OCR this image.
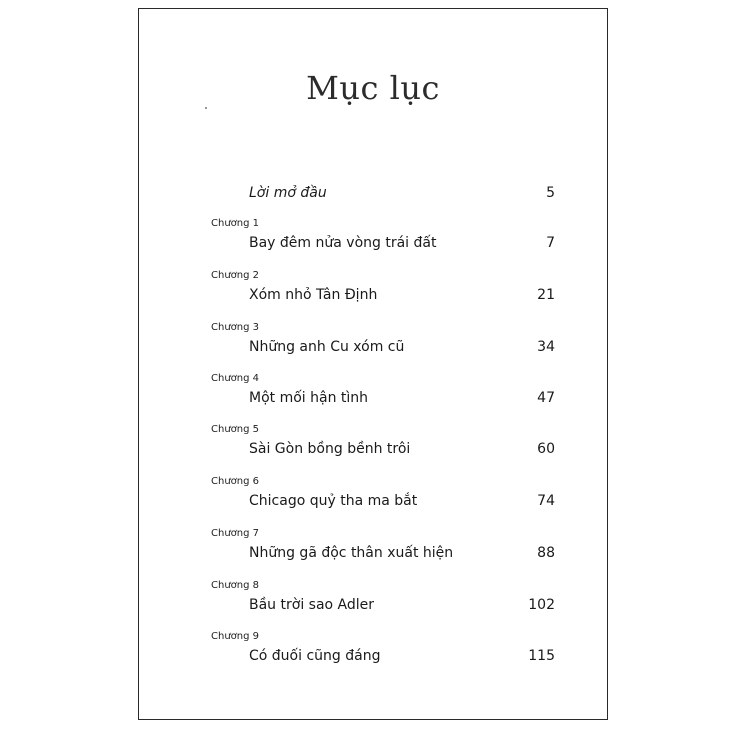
Mục lục
Lời mở đầu	5
Chương 1
Bay đêm nửa vòng trái đất	7
Chương 2
Xóm nhỏ Tân Định	21
Chương 3
Những anh Cu xóm cũ	34
Chương 4
Một mối hận tình	47
Chương 5
Sài Gòn bồng bềnh trôi	60
Chương 6
Chicago quỷ tha ma bắt	74
Chương 7
Những gã độc thân xuất hiện	88
Chương 8
Bầu trời sao Adler	102
Chương 9
Có đuối cũng đáng	115
